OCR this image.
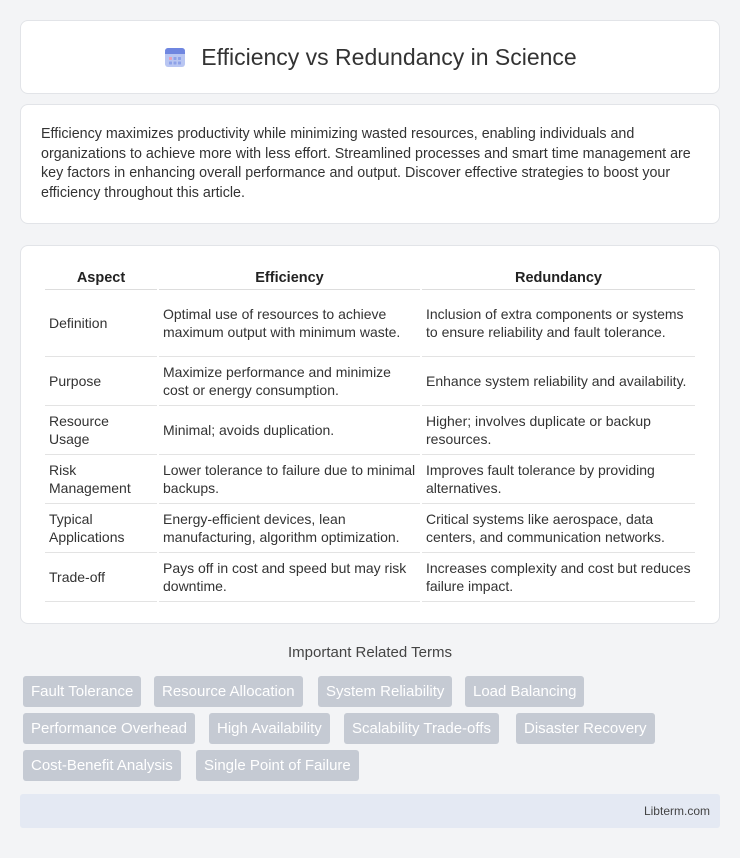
Efficiency vs Redundancy in Science

Efficiency maximizes productivity while minimizing wasted resources, enabling individuals and organizations to achieve more with less effort. Streamlined processes and smart time management are key factors in enhancing overall performance and output. Discover effective strategies to boost your efficiency throughout this article.

Aspect	Efficiency	Redundancy
Definition	Optimal use of resources to achieve maximum output with minimum waste.	Inclusion of extra components or systems to ensure reliability and fault tolerance.
Purpose	Maximize performance and minimize cost or energy consumption.	Enhance system reliability and availability.
Resource Usage	Minimal; avoids duplication.	Higher; involves duplicate or backup resources.
Risk Management	Lower tolerance to failure due to minimal backups.	Improves fault tolerance by providing alternatives.
Typical Applications	Energy-efficient devices, lean manufacturing, algorithm optimization.	Critical systems like aerospace, data centers, and communication networks.
Trade-off	Pays off in cost and speed but may risk downtime.	Increases complexity and cost but reduces failure impact.
Important Related Terms
Fault Tolerance	Resource Allocation	System Reliability	Load Balancing
Performance Overhead	High Availability	Scalability Trade-offs	Disaster Recovery
Cost-Benefit Analysis	Single Point of Failure
Libterm.com
